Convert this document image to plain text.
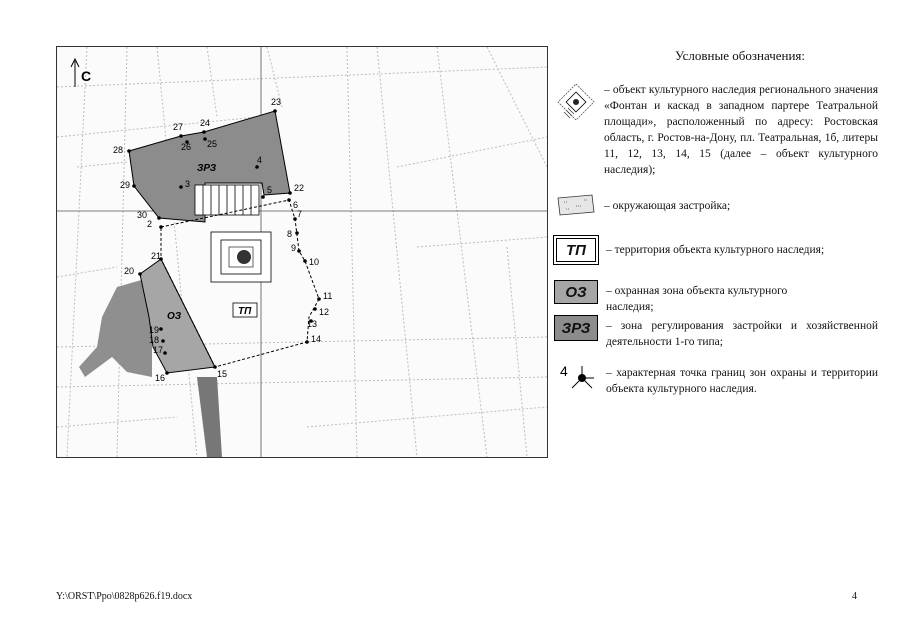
С
ЗРЗ
ОЗ	ТП
2
3
4
5
6
7
8
9
10
11
12
13
14
15
16
17
18
19
20
21
22
23
24
25
26
27
28
29
30
Условные обозначения:
– объект культурного наследия регионального значения «Фонтан и каскад в западном партере Театральной площади», расположенный по адресу: Ростовская область, г. Ростов-на-Дону, пл. Театральная, 1б, литеры 11, 12, 13, 14, 15 (далее – объект культурного наследия);
– окружающая застройка;
ТП	– территория объекта культурного наследия;
ОЗ	– охранная зона объекта культурного наследия;
ЗРЗ	– зона регулирования застройки и хозяйственной деятельности 1-го типа;
4	– характерная точка границ зон охраны и территории объекта культурного наследия.
Y:\ORST\Ppo\0828p626.f19.docx	4
